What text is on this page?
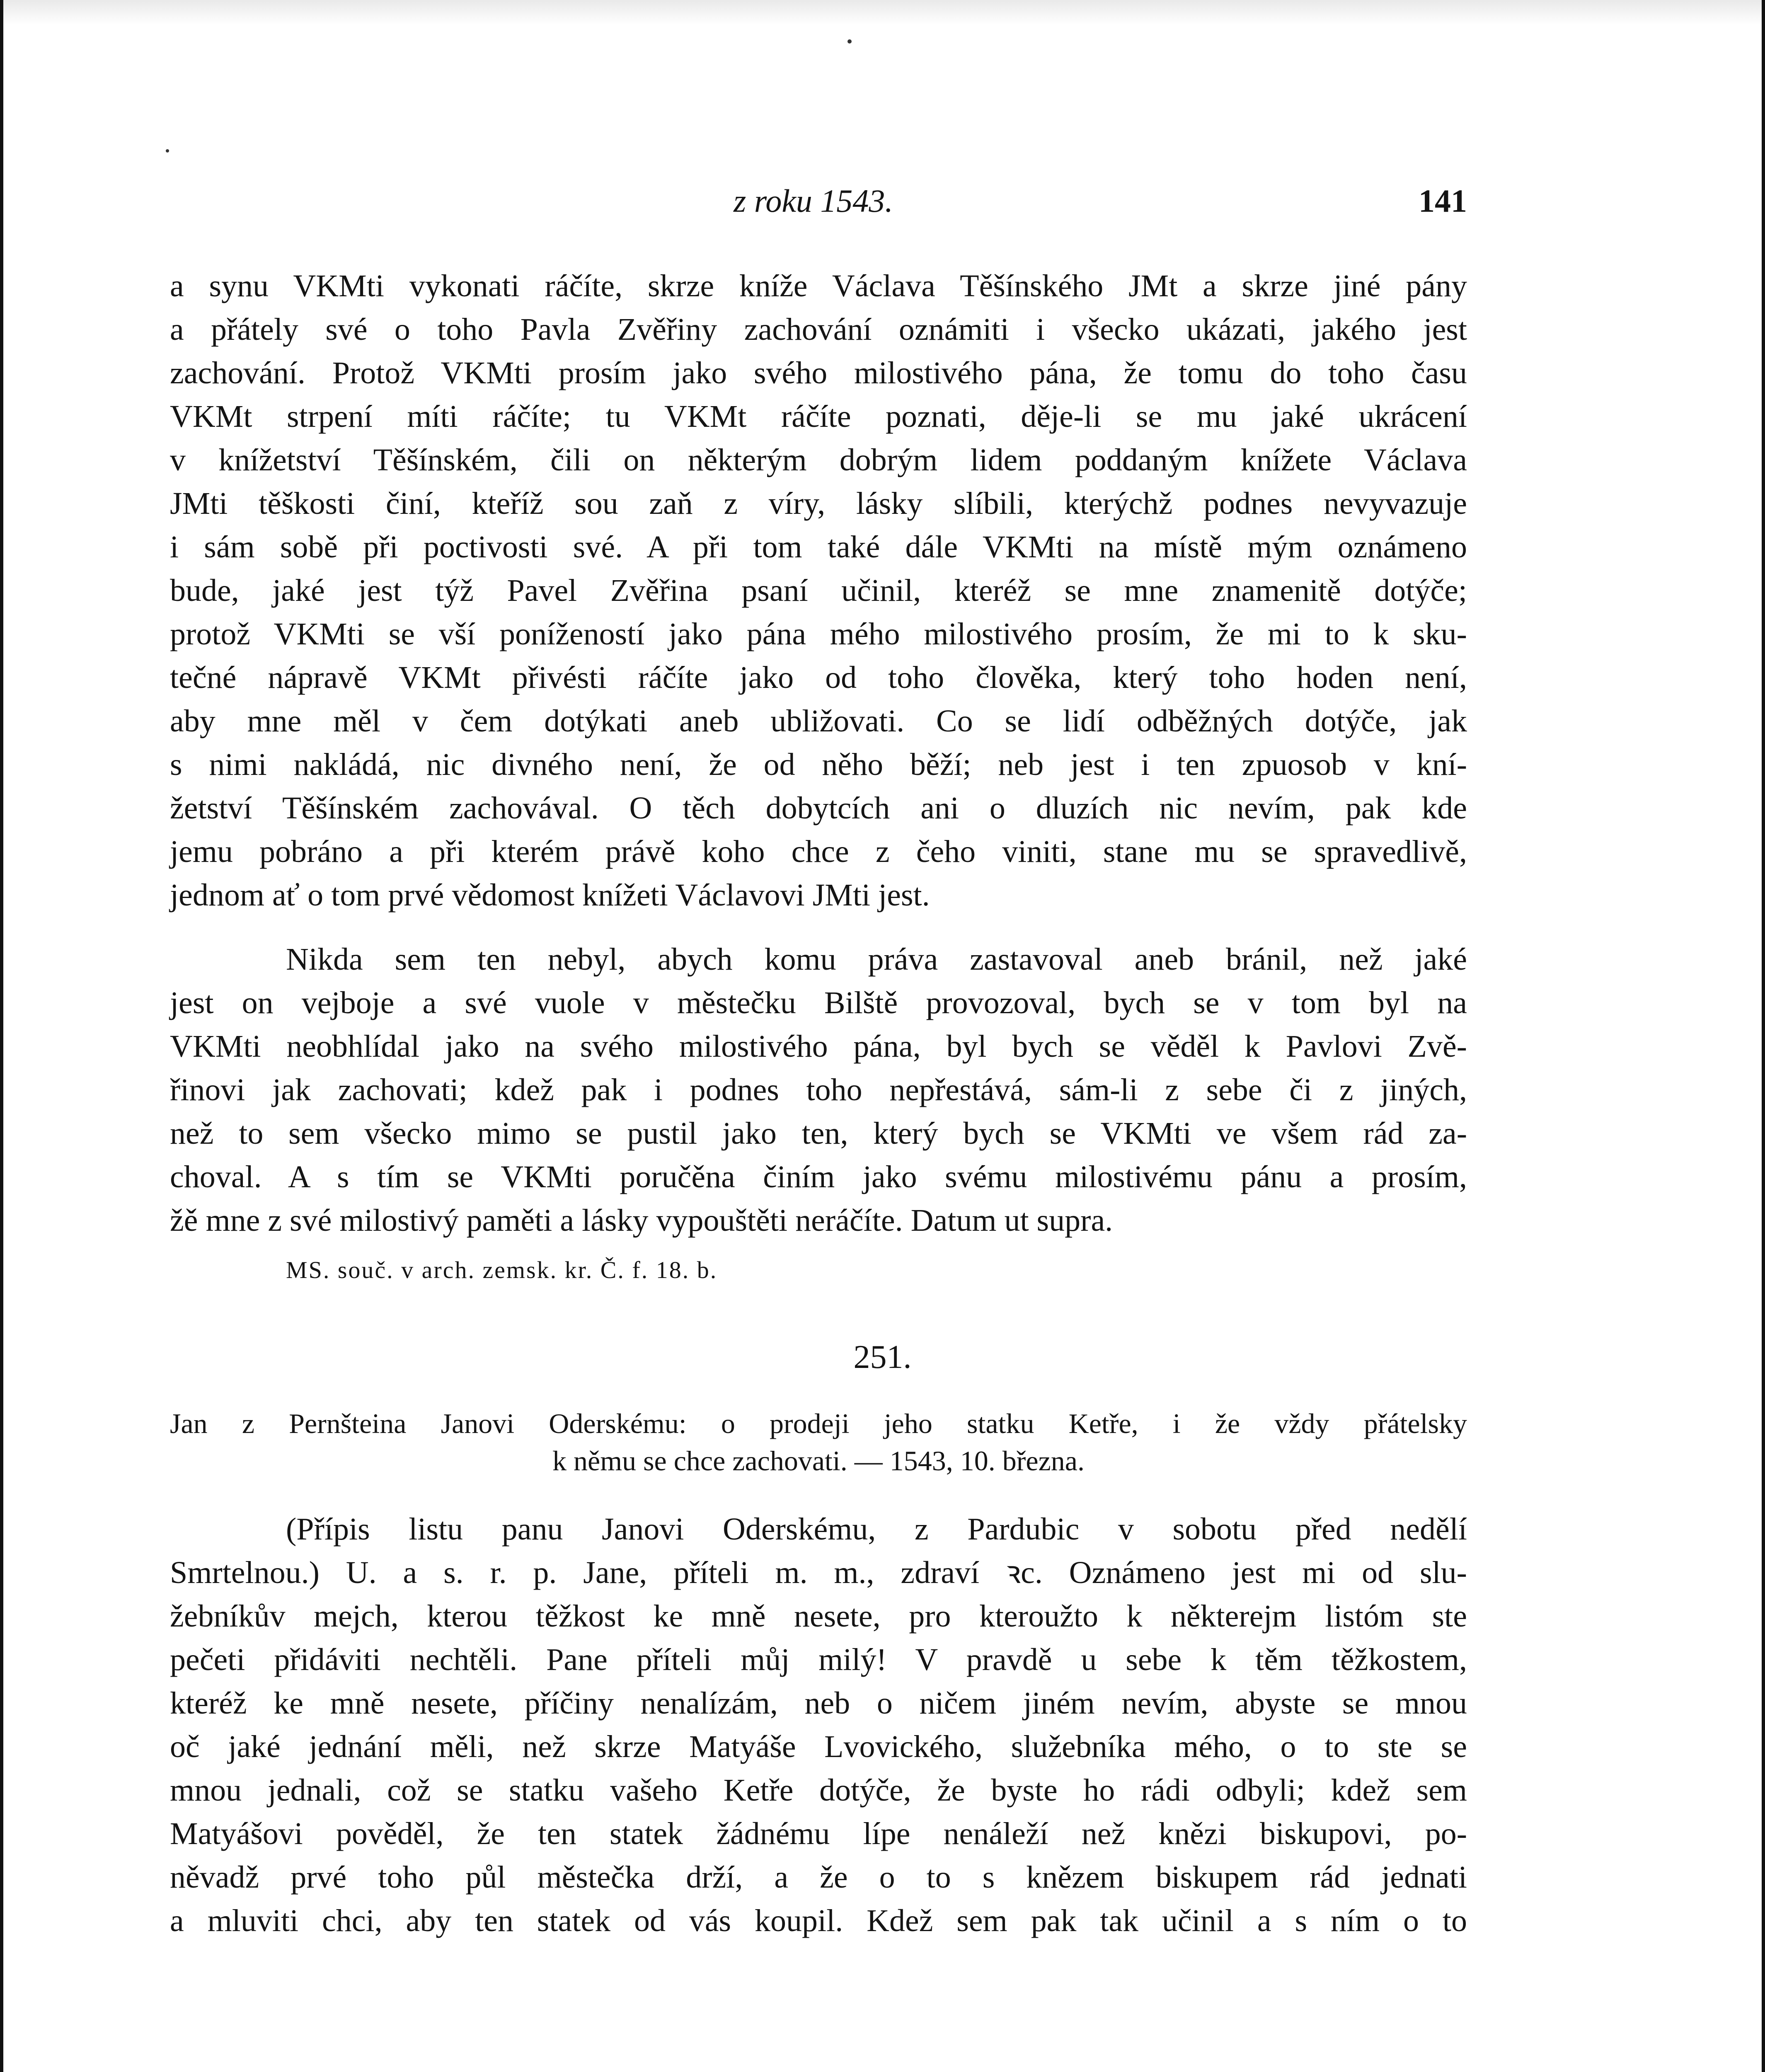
z roku 1543.	141
a synu VKMti vykonati ráčíte, skrze kníže Václava Těšínského JMt a skrze jiné pány
a přátely své o toho Pavla Zvěřiny zachování oznámiti i všecko ukázati, jakého jest
zachování. Protož VKMti prosím jako svého milostivého pána, že tomu do toho času
VKMt strpení míti ráčíte; tu VKMt ráčíte poznati, děje-li se mu jaké ukrácení
v knížetství Těšínském, čili on některým dobrým lidem poddaným knížete Václava
JMti těškosti činí, kteříž sou zaň z víry, lásky slíbili, kterýchž podnes nevyvazuje
i sám sobě při poctivosti své. A při tom také dále VKMti na místě mým oznámeno
bude, jaké jest týž Pavel Zvěřina psaní učinil, kteréž se mne znamenitě dotýče;
protož VKMti se vší ponížeností jako pána mého milostivého prosím, že mi to k sku-
tečné nápravě VKMt přivésti ráčíte jako od toho člověka, který toho hoden není,
aby mne měl v čem dotýkati aneb ubližovati. Co se lidí odběžných dotýče, jak
s nimi nakládá, nic divného není, že od něho běží; neb jest i ten zpuosob v kní-
žetství Těšínském zachovával. O těch dobytcích ani o dluzích nic nevím, pak kde
jemu pobráno a při kterém právě koho chce z čeho viniti, stane mu se spravedlivě,
jednom ať o tom prvé vědomost knížeti Václavovi JMti jest.
Nikda sem ten nebyl, abych komu práva zastavoval aneb bránil, než jaké
jest on vejboje a své vuole v městečku Bilště provozoval, bych se v tom byl na
VKMti neobhlídal jako na svého milostivého pána, byl bych se věděl k Pavlovi Zvě-
řinovi jak zachovati; kdež pak i podnes toho nepřestává, sám-li z sebe či z jiných,
než to sem všecko mimo se pustil jako ten, který bych se VKMti ve všem rád za-
choval. A s tím se VKMti poručěna činím jako svému milostivému pánu a prosím,
žě mne z své milostivý paměti a lásky vypouštěti neráčíte. Datum ut supra.
MS. souč. v arch. zemsk. kr. Č. f. 18. b.
251.
Jan z Pernšteina Janovi Oderskému: o prodeji jeho statku Ketře, i že vždy přátelsky
k němu se chce zachovati. — 1543, 10. března.
(Přípis listu panu Janovi Oderskému, z Pardubic v sobotu před nedělí
Smrtelnou.) U. a s. r. p. Jane, příteli m. m., zdraví ꝛc. Oznámeno jest mi od slu-
žebníkův mejch, kterou těžkost ke mně nesete, pro kteroužto k některejm listóm ste
pečeti přidáviti nechtěli. Pane příteli můj milý! V pravdě u sebe k těm těžkostem,
kteréž ke mně nesete, příčiny nenalízám, neb o ničem jiném nevím, abyste se mnou
oč jaké jednání měli, než skrze Matyáše Lvovického, služebníka mého, o to ste se
mnou jednali, což se statku vašeho Ketře dotýče, že byste ho rádi odbyli; kdež sem
Matyášovi pověděl, že ten statek žádnému lípe nenáleží než knězi biskupovi, po-
něvadž prvé toho půl městečka drží, a že o to s knězem biskupem rád jednati
a mluviti chci, aby ten statek od vás koupil. Kdež sem pak tak učinil a s ním o to
